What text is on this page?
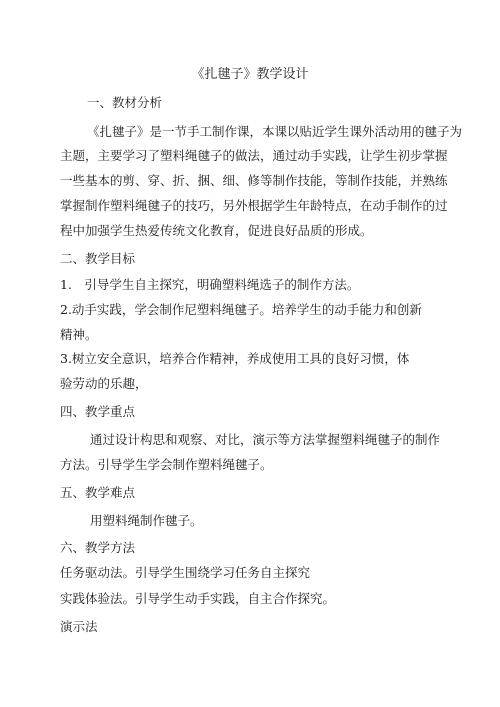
《扎毽子》教学设计
一、教材分析
《扎毽子》是一节手工制作课，本课以贴近学生课外活动用的毽子为
主题，主要学习了塑料绳毽子的做法，通过动手实践，让学生初步掌握
一些基本的剪、穿、折、捆、细、修等制作技能，等制作技能，并熟练
掌握制作塑料绳毽子的技巧，另外根据学生年龄特点，在动手制作的过
程中加强学生热爱传统文化教育，促进良好品质的形成。
二、教学目标
1.　引导学生自主探究，明确塑料绳选子的制作方法。
2.动手实践，学会制作尼塑料绳毽子。培养学生的动手能力和创新
精神。
3.树立安全意识，培养合作精神，养成使用工具的良好习惯，体
验劳动的乐趣，
四、教学重点
通过设计构思和观察、对比，演示等方法掌握塑料绳毽子的制作
方法。引导学生学会制作塑料绳毽子。
五、教学难点
用塑料绳制作毽子。
六、教学方法
任务驱动法。引导学生围绕学习任务自主探究
实践体验法。引导学生动手实践，自主合作探究。
演示法
